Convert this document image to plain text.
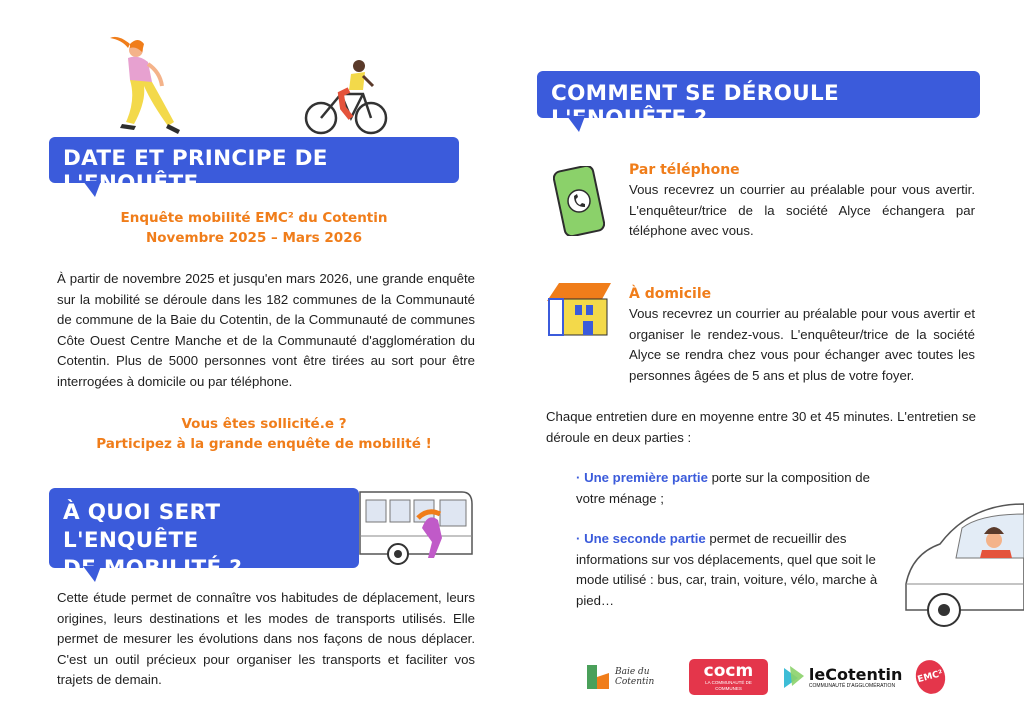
DATE ET PRINCIPE DE L'ENQUÊTE
Enquête mobilité EMC² du Cotentin
Novembre 2025 – Mars 2026

À partir de novembre 2025 et jusqu'en mars 2026, une grande enquête sur la mobilité se déroule dans les 182 communes de la Communauté de commune de la Baie du Cotentin, de la Communauté de communes Côte Ouest Centre Manche et de la Communauté d'agglomération du Cotentin. Plus de 5000 personnes vont être tirées au sort pour être interrogées à domicile ou par téléphone.

Vous êtes sollicité.e ?
Participez à la grande enquête de mobilité !
À QUOI SERT L'ENQUÊTE
DE MOBILITÉ ?

Cette étude permet de connaître vos habitudes de déplacement, leurs origines, leurs destinations et les modes de transports utilisés. Elle permet de mesurer les évolutions dans nos façons de nous déplacer. C'est un outil précieux pour organiser les transports et faciliter vos trajets de demain.

COMMENT SE DÉROULE L'ENQUÊTE ?
Par téléphone

Vous recevrez un courrier au préalable pour vous avertir. L'enquêteur/trice de la société Alyce échangera par téléphone avec vous.

À domicile

Vous recevrez un courrier au préalable pour vous avertir et organiser le rendez-vous. L'enquêteur/trice de la société Alyce se rendra chez vous pour échanger avec toutes les personnes âgées de 5 ans et plus de votre foyer.

Chaque entretien dure en moyenne entre 30 et 45 minutes. L'entretien se déroule en deux parties :

· Une première partie porte sur la composition de votre ménage ;
· Une seconde partie permet de recueillir des informations sur vos déplacements, quel que soit le mode utilisé : bus, car, train, voiture, vélo, marche à pied…
Baie du Cotentin
cocm
LA COMMUNAUTÉ DE COMMUNES
leCotentin
COMMUNAUTÉ D'AGGLOMÉRATION
EMC²
